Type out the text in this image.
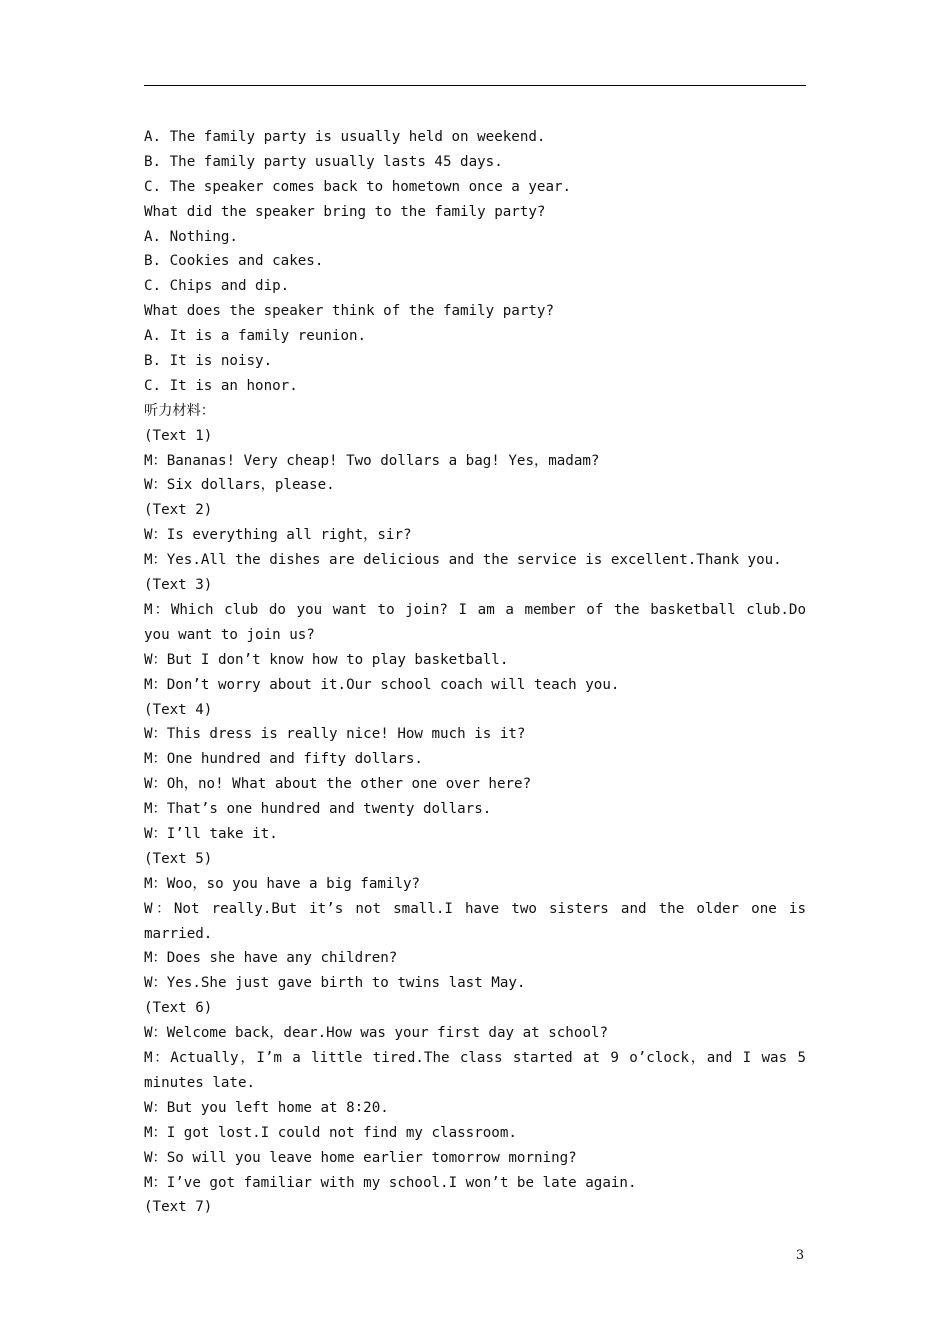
A. The family party is usually held on weekend.
B. The family party usually lasts 45 days.
C. The speaker comes back to hometown once a year.
What did the speaker bring to the family party?
A. Nothing.
B. Cookies and cakes.
C. Chips and dip.
What does the speaker think of the family party?
A. It is a family reunion.
B. It is noisy.
C. It is an honor.
听力材料：
(Text 1)
M：Bananas! Very cheap! Two dollars a bag! Yes，madam?
W：Six dollars，please.
(Text 2)
W：Is everything all right，sir?
M：Yes.All the dishes are delicious and the service is excellent.Thank you.
(Text 3)
M：Which club do you want to join? I am a member of the basketball club.Do you want to join us?
W：But I don’t know how to play basketball.
M：Don’t worry about it.Our school coach will teach you.
(Text 4)
W：This dress is really nice! How much is it?
M：One hundred and fifty dollars.
W：Oh，no! What about the other one over here?
M：That’s one hundred and twenty dollars.
W：I’ll take it.
(Text 5)
M：Woo，so you have a big family?
W：Not really.But it’s not small.I have two sisters and the older one is married.
M：Does she have any children?
W：Yes.She just gave birth to twins last May.
(Text 6)
W：Welcome back，dear.How was your first day at school?
M：Actually，I’m a little tired.The class started at 9 o’clock，and I was 5 minutes late.
W：But you left home at 8∶20.
M：I got lost.I could not find my classroom.
W：So will you leave home earlier tomorrow morning?
M：I’ve got familiar with my school.I won’t be late again.
(Text 7)
3
